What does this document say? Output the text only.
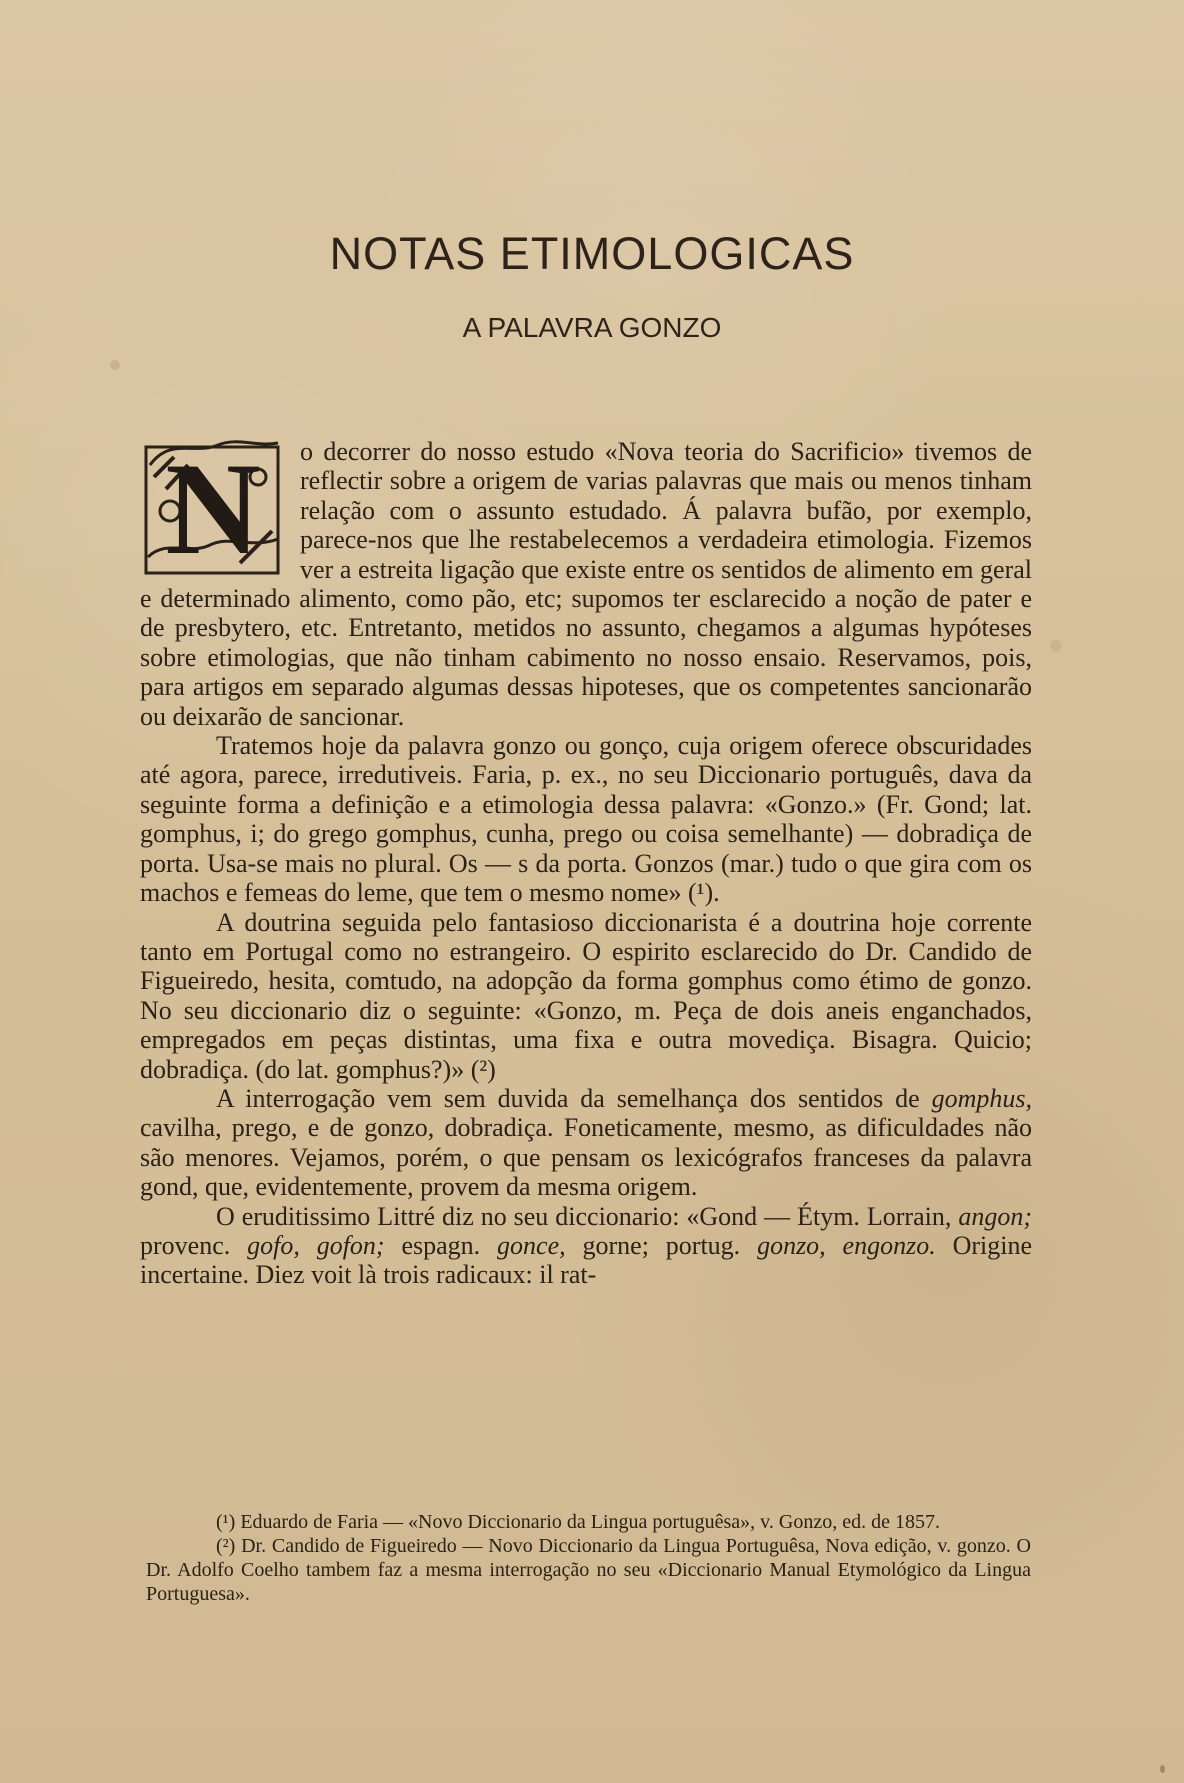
NOTAS ETIMOLOGICAS
A PALAVRA GONZO
N	o decorrer do nosso estudo «Nova teoria do Sacrificio» tivemos de reflectir sobre a origem de varias palavras que mais ou menos tinham relação com o assunto estudado. Á palavra bufão, por exemplo, parece-nos que lhe restabelecemos a verdadeira etimologia. Fizemos ver a estreita ligação que existe entre os sentidos de alimento em geral e determinado alimento, como pão, etc; supomos ter esclarecido a noção de pater e de presbytero, etc. Entretanto, metidos no assunto, chegamos a algumas hypóteses sobre etimologias, que não tinham cabimento no nosso ensaio. Reservamos, pois, para artigos em separado algumas dessas hipoteses, que os competentes sancionarão ou deixarão de sancionar.

Tratemos hoje da palavra gonzo ou gonço, cuja origem oferece obscuridades até agora, parece, irredutiveis. Faria, p. ex., no seu Diccionario português, dava da seguinte forma a definição e a etimologia dessa palavra: «Gonzo.» (Fr. Gond; lat. gomphus, i; do grego gomphus, cunha, prego ou coisa semelhante) — dobradiça de porta. Usa-se mais no plural. Os — s da porta. Gonzos (mar.) tudo o que gira com os machos e femeas do leme, que tem o mesmo nome» (¹).

A doutrina seguida pelo fantasioso diccionarista é a doutrina hoje corrente tanto em Portugal como no estrangeiro. O espirito esclarecido do Dr. Candido de Figueiredo, hesita, comtudo, na adopção da forma gomphus como étimo de gonzo. No seu diccionario diz o seguinte: «Gonzo, m. Peça de dois aneis enganchados, empregados em peças distintas, uma fixa e outra movediça. Bisagra. Quicio; dobradiça. (do lat. gomphus?)» (²)

A interrogação vem sem duvida da semelhança dos sentidos de gomphus, cavilha, prego, e de gonzo, dobradiça. Foneticamente, mesmo, as dificuldades não são menores. Vejamos, porém, o que pensam os lexicógrafos franceses da palavra gond, que, evidentemente, provem da mesma origem.

O eruditissimo Littré diz no seu diccionario: «Gond — Étym. Lorrain, angon; provenc. gofo, gofon; espagn. gonce, gorne; portug. gonzo, engonzo. Origine incertaine. Diez voit là trois radicaux: il rat-

(¹) Eduardo de Faria — «Novo Diccionario da Lingua portuguêsa», v. Gonzo, ed. de 1857.

(²) Dr. Candido de Figueiredo — Novo Diccionario da Lingua Portuguêsa, Nova edição, v. gonzo. O Dr. Adolfo Coelho tambem faz a mesma interrogação no seu «Diccionario Manual Etymológico da Lingua Portuguesa».
